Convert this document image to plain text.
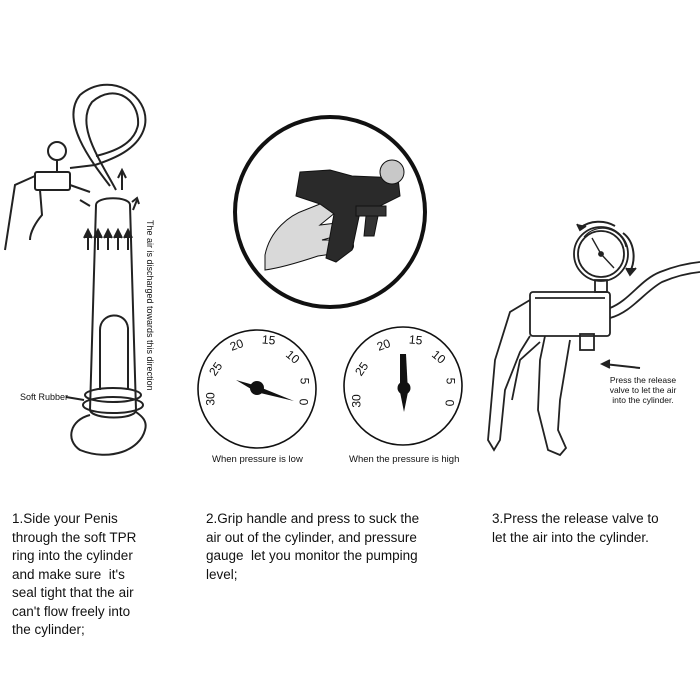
30
25
20 15
10
5
0	30
25
20 15
10
5
0
Soft Rubber
The air is discharged towards this direction
When pressure is low	When the pressure is high
Press the release
valve to let the air
into the cylinder.
1.Side your Penis
through the soft TPR
ring into the cylinder
and make sure  it's
seal tight that the air
can't flow freely into
the cylinder;
2.Grip handle and press to suck the
air out of the cylinder, and pressure
gauge  let you monitor the pumping
level;
3.Press the release valve to
let the air into the cylinder.
